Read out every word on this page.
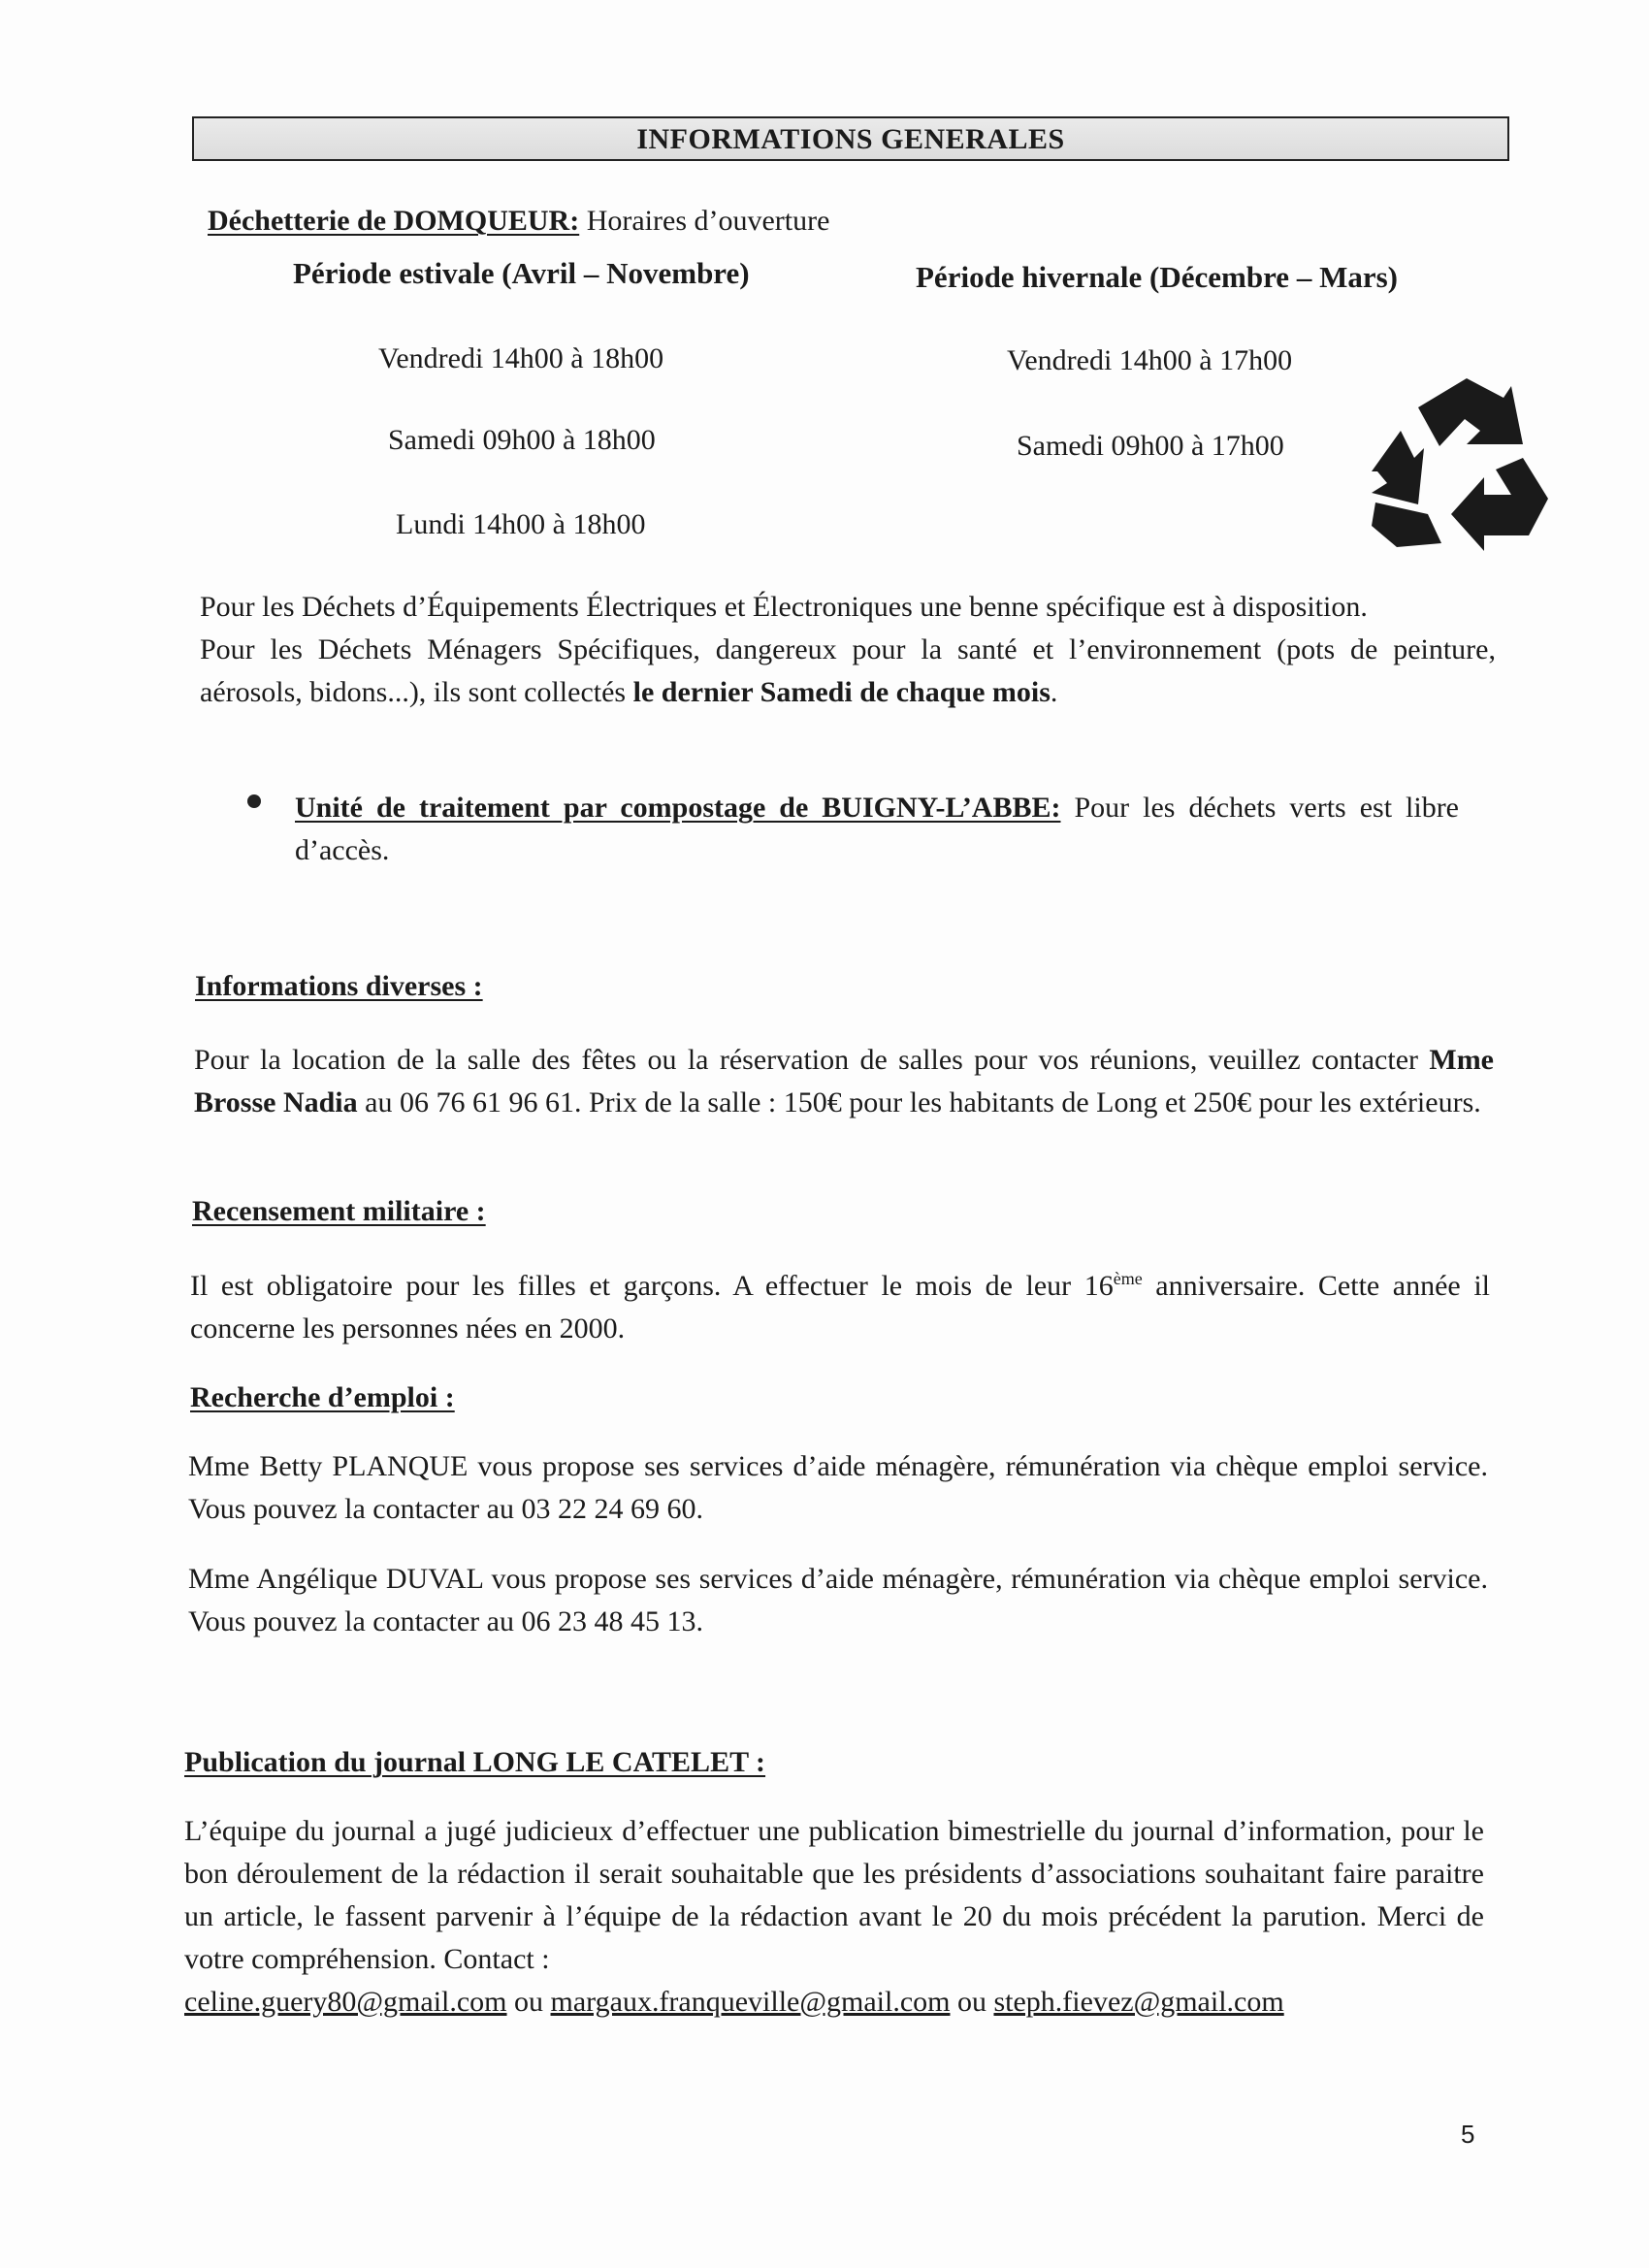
INFORMATIONS GENERALES
Déchetterie de DOMQUEUR: Horaires d’ouverture
Période estivale (Avril – Novembre)	Période hivernale (Décembre – Mars)
Vendredi 14h00 à 18h00
Samedi 09h00 à 18h00
Lundi 14h00 à 18h00
Vendredi 14h00 à 17h00
Samedi 09h00 à 17h00

Pour les Déchets d’Équipements Électriques et Électroniques une benne spécifique est à disposition.

Pour les Déchets Ménagers Spécifiques, dangereux pour la santé et l’environnement (pots de peinture, aérosols, bidons...), ils sont collectés le dernier Samedi de chaque mois.

Unité de traitement par compostage de BUIGNY-L’ABBE: Pour les déchets verts est libre d’accès.

Informations diverses :

Pour la location de la salle des fêtes ou la réservation de salles pour vos réunions, veuillez contacter Mme Brosse Nadia au 06 76 61 96 61. Prix de la salle : 150€ pour les habitants de Long et 250€ pour les extérieurs.

Recensement militaire :

Il est obligatoire pour les filles et garçons. A effectuer le mois de leur 16ème anniversaire. Cette année il concerne les personnes nées en 2000.

Recherche d’emploi :
Mme Betty PLANQUE vous propose ses services d’aide ménagère, rémunération via chèque emploi service. Vous pouvez la contacter au 03 22 24 69 60.
Mme Angélique DUVAL vous propose ses services d’aide ménagère, rémunération via chèque emploi service. Vous pouvez la contacter au 06 23 48 45 13.
Publication du journal LONG LE CATELET :

L’équipe du journal a jugé judicieux d’effectuer une publication bimestrielle du journal d’information, pour le bon déroulement de la rédaction il serait souhaitable que les présidents d’associations souhaitant faire paraitre un article, le fassent parvenir à l’équipe de la rédaction avant le 20 du mois précédent la parution. Merci de votre compréhension. Contact :

celine.guery80@gmail.com ou margaux.franqueville@gmail.com ou steph.fievez@gmail.com

5
